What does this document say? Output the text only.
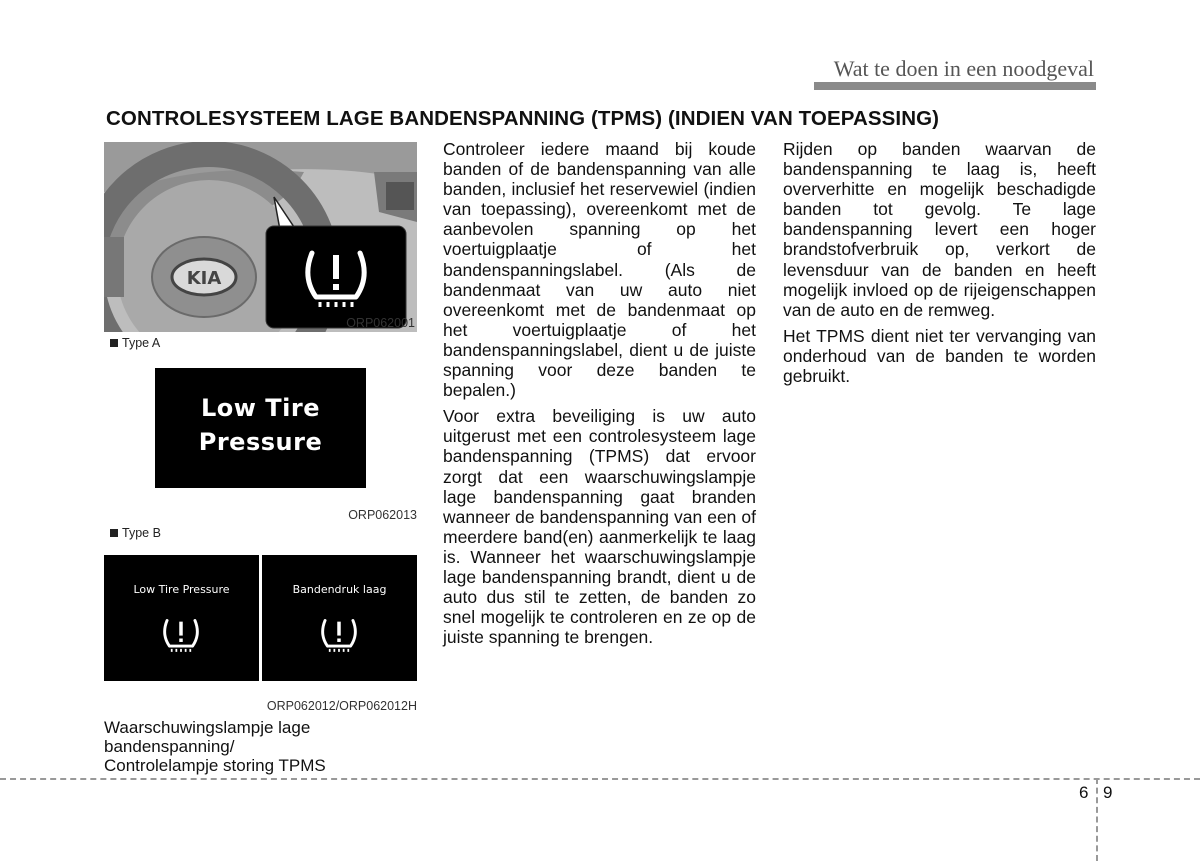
Wat te doen in een noodgeval
CONTROLESYSTEEM LAGE BANDENSPANNING (TPMS) (INDIEN VAN TOEPASSING)
KIA
ORP062001
Type A
Low Tire
Pressure
ORP062013
Type B
Low Tire Pressure	Bandendruk laag
ORP062012/ORP062012H
Waarschuwingslampje lage
bandenspanning/
Controlelampje storing TPMS

Controleer iedere maand bij koude banden of de bandenspanning van alle banden, inclusief het reservewiel (indien van toepassing), overeenkomt met de aanbevolen spanning op het voertuigplaatje of het bandenspanningslabel. (Als de bandenmaat van uw auto niet overeenkomt met de bandenmaat op het voertuigplaatje of het bandenspanningslabel, dient u de juiste spanning voor deze banden te bepalen.)

Voor extra beveiliging is uw auto uitgerust met een controlesysteem lage bandenspanning (TPMS) dat ervoor zorgt dat een waarschuwingslampje lage bandenspanning gaat branden wanneer de bandenspanning van een of meerdere band(en) aanmerkelijk te laag is. Wanneer het waarschuwingslampje lage bandenspanning brandt, dient u de auto dus stil te zetten, de banden zo snel mogelijk te controleren en ze op de juiste spanning te brengen.

Rijden op banden waarvan de bandenspanning te laag is, heeft oververhitte en mogelijk beschadigde banden tot gevolg. Te lage bandenspanning levert een hoger brandstofverbruik op, verkort de levensduur van de banden en heeft mogelijk invloed op de rijeigenschappen van de auto en de remweg.

Het TPMS dient niet ter vervanging van onderhoud van de banden te worden gebruikt.

6 9
